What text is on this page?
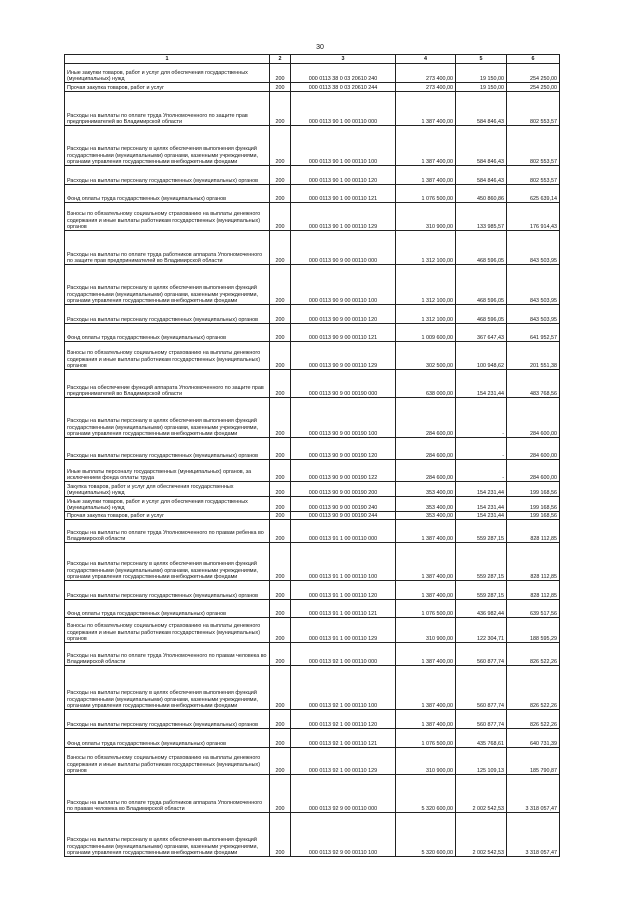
30
1	2	3	4	5	6
Иные закупки товаров, работ и услуг для обеспечения государственных (муниципальных) нужд	200	000 0113 38 0 03 20610 240	273 400,00	19 150,00	254 250,00
Прочая закупка товаров, работ и услуг	200	000 0113 38 0 03 20610 244	273 400,00	19 150,00	254 250,00
Расходы на выплаты по оплате труда Уполномоченного по защите прав предпринимателей во Владимирской области	200	000 0113 90 1 00 00110 000	1 387 400,00	584 846,43	802 553,57
Расходы на выплаты персоналу в целях обеспечения выполнения функций государственными (муниципальными) органами, казенными учреждениями, органами управления государственными внебюджетными фондами	200	000 0113 90 1 00 00110 100	1 387 400,00	584 846,43	802 553,57
Расходы на выплаты персоналу государственных (муниципальных) органов	200	000 0113 90 1 00 00110 120	1 387 400,00	584 846,43	802 553,57
Фонд оплаты труда государственных (муниципальных) органов	200	000 0113 90 1 00 00110 121	1 076 500,00	450 860,86	625 639,14
Взносы по обязательному социальному страхованию на выплаты денежного содержания и иные выплаты работникам государственных (муниципальных) органов	200	000 0113 90 1 00 00110 129	310 900,00	133 985,57	176 914,43
Расходы на выплаты по оплате труда работников аппарата Уполномоченного по защите прав предпринимателей во Владимирской области	200	000 0113 90 9 00 00110 000	1 312 100,00	468 596,05	843 503,95
Расходы на выплаты персоналу в целях обеспечения выполнения функций государственными (муниципальными) органами, казенными учреждениями, органами управления государственными внебюджетными фондами	200	000 0113 90 9 00 00110 100	1 312 100,00	468 596,05	843 503,95
Расходы на выплаты персоналу государственных (муниципальных) органов	200	000 0113 90 9 00 00110 120	1 312 100,00	468 596,05	843 503,95
Фонд оплаты труда государственных (муниципальных) органов	200	000 0113 90 9 00 00110 121	1 009 600,00	367 647,43	641 952,57
Взносы по обязательному социальному страхованию на выплаты денежного содержания и иные выплаты работникам государственных (муниципальных) органов	200	000 0113 90 9 00 00110 129	302 500,00	100 948,62	201 551,38
Расходы на обеспечение функций аппарата Уполномоченного по защите прав предпринимателей во Владимирской области	200	000 0113 90 9 00 00190 000	638 000,00	154 231,44	483 768,56
Расходы на выплаты персоналу в целях обеспечения выполнения функций государственными (муниципальными) органами, казенными учреждениями, органами управления государственными внебюджетными фондами	200	000 0113 90 9 00 00190 100	284 600,00	-	284 600,00
Расходы на выплаты персоналу государственных (муниципальных) органов	200	000 0113 90 9 00 00190 120	284 600,00	-	284 600,00
Иные выплаты персоналу государственных (муниципальных) органов, за исключением фонда оплаты труда	200	000 0113 90 9 00 00190 122	284 600,00	-	284 600,00
Закупка товаров, работ и услуг для обеспечения государственных (муниципальных) нужд	200	000 0113 90 9 00 00190 200	353 400,00	154 231,44	199 168,56
Иные закупки товаров, работ и услуг для обеспечения государственных (муниципальных) нужд	200	000 0113 90 9 00 00190 240	353 400,00	154 231,44	199 168,56
Прочая закупка товаров, работ и услуг	200	000 0113 90 9 00 00190 244	353 400,00	154 231,44	199 168,56
Расходы на выплаты по оплате труда Уполномоченного по правам ребенка во Владимирской области	200	000 0113 91 1 00 00110 000	1 387 400,00	559 287,15	828 112,85
Расходы на выплаты персоналу в целях обеспечения выполнения функций государственными (муниципальными) органами, казенными учреждениями, органами управления государственными внебюджетными фондами	200	000 0113 91 1 00 00110 100	1 387 400,00	559 287,15	828 112,85
Расходы на выплаты персоналу государственных (муниципальных) органов	200	000 0113 91 1 00 00110 120	1 387 400,00	559 287,15	828 112,85
Фонд оплаты труда государственных (муниципальных) органов	200	000 0113 91 1 00 00110 121	1 076 500,00	436 982,44	639 517,56
Взносы по обязательному социальному страхованию на выплаты денежного содержания и иные выплаты работникам государственных (муниципальных) органов	200	000 0113 91 1 00 00110 129	310 900,00	122 304,71	188 595,29
Расходы на выплаты по оплате труда Уполномоченного по правам человека во Владимирской области	200	000 0113 92 1 00 00110 000	1 387 400,00	560 877,74	826 522,26
Расходы на выплаты персоналу в целях обеспечения выполнения функций государственными (муниципальными) органами, казенными учреждениями, органами управления государственными внебюджетными фондами	200	000 0113 92 1 00 00110 100	1 387 400,00	560 877,74	826 522,26
Расходы на выплаты персоналу государственных (муниципальных) органов	200	000 0113 92 1 00 00110 120	1 387 400,00	560 877,74	826 522,26
Фонд оплаты труда государственных (муниципальных) органов	200	000 0113 92 1 00 00110 121	1 076 500,00	435 768,61	640 731,39
Взносы по обязательному социальному страхованию на выплаты денежного содержания и иные выплаты работникам государственных (муниципальных) органов	200	000 0113 92 1 00 00110 129	310 900,00	125 109,13	185 790,87
Расходы на выплаты по оплате труда работников аппарата Уполномоченного по правам человека во Владимирской области	200	000 0113 92 9 00 00110 000	5 320 600,00	2 002 542,53	3 318 057,47
Расходы на выплаты персоналу в целях обеспечения выполнения функций государственными (муниципальными) органами, казенными учреждениями, органами управления государственными внебюджетными фондами	200	000 0113 92 9 00 00110 100	5 320 600,00	2 002 542,53	3 318 057,47
